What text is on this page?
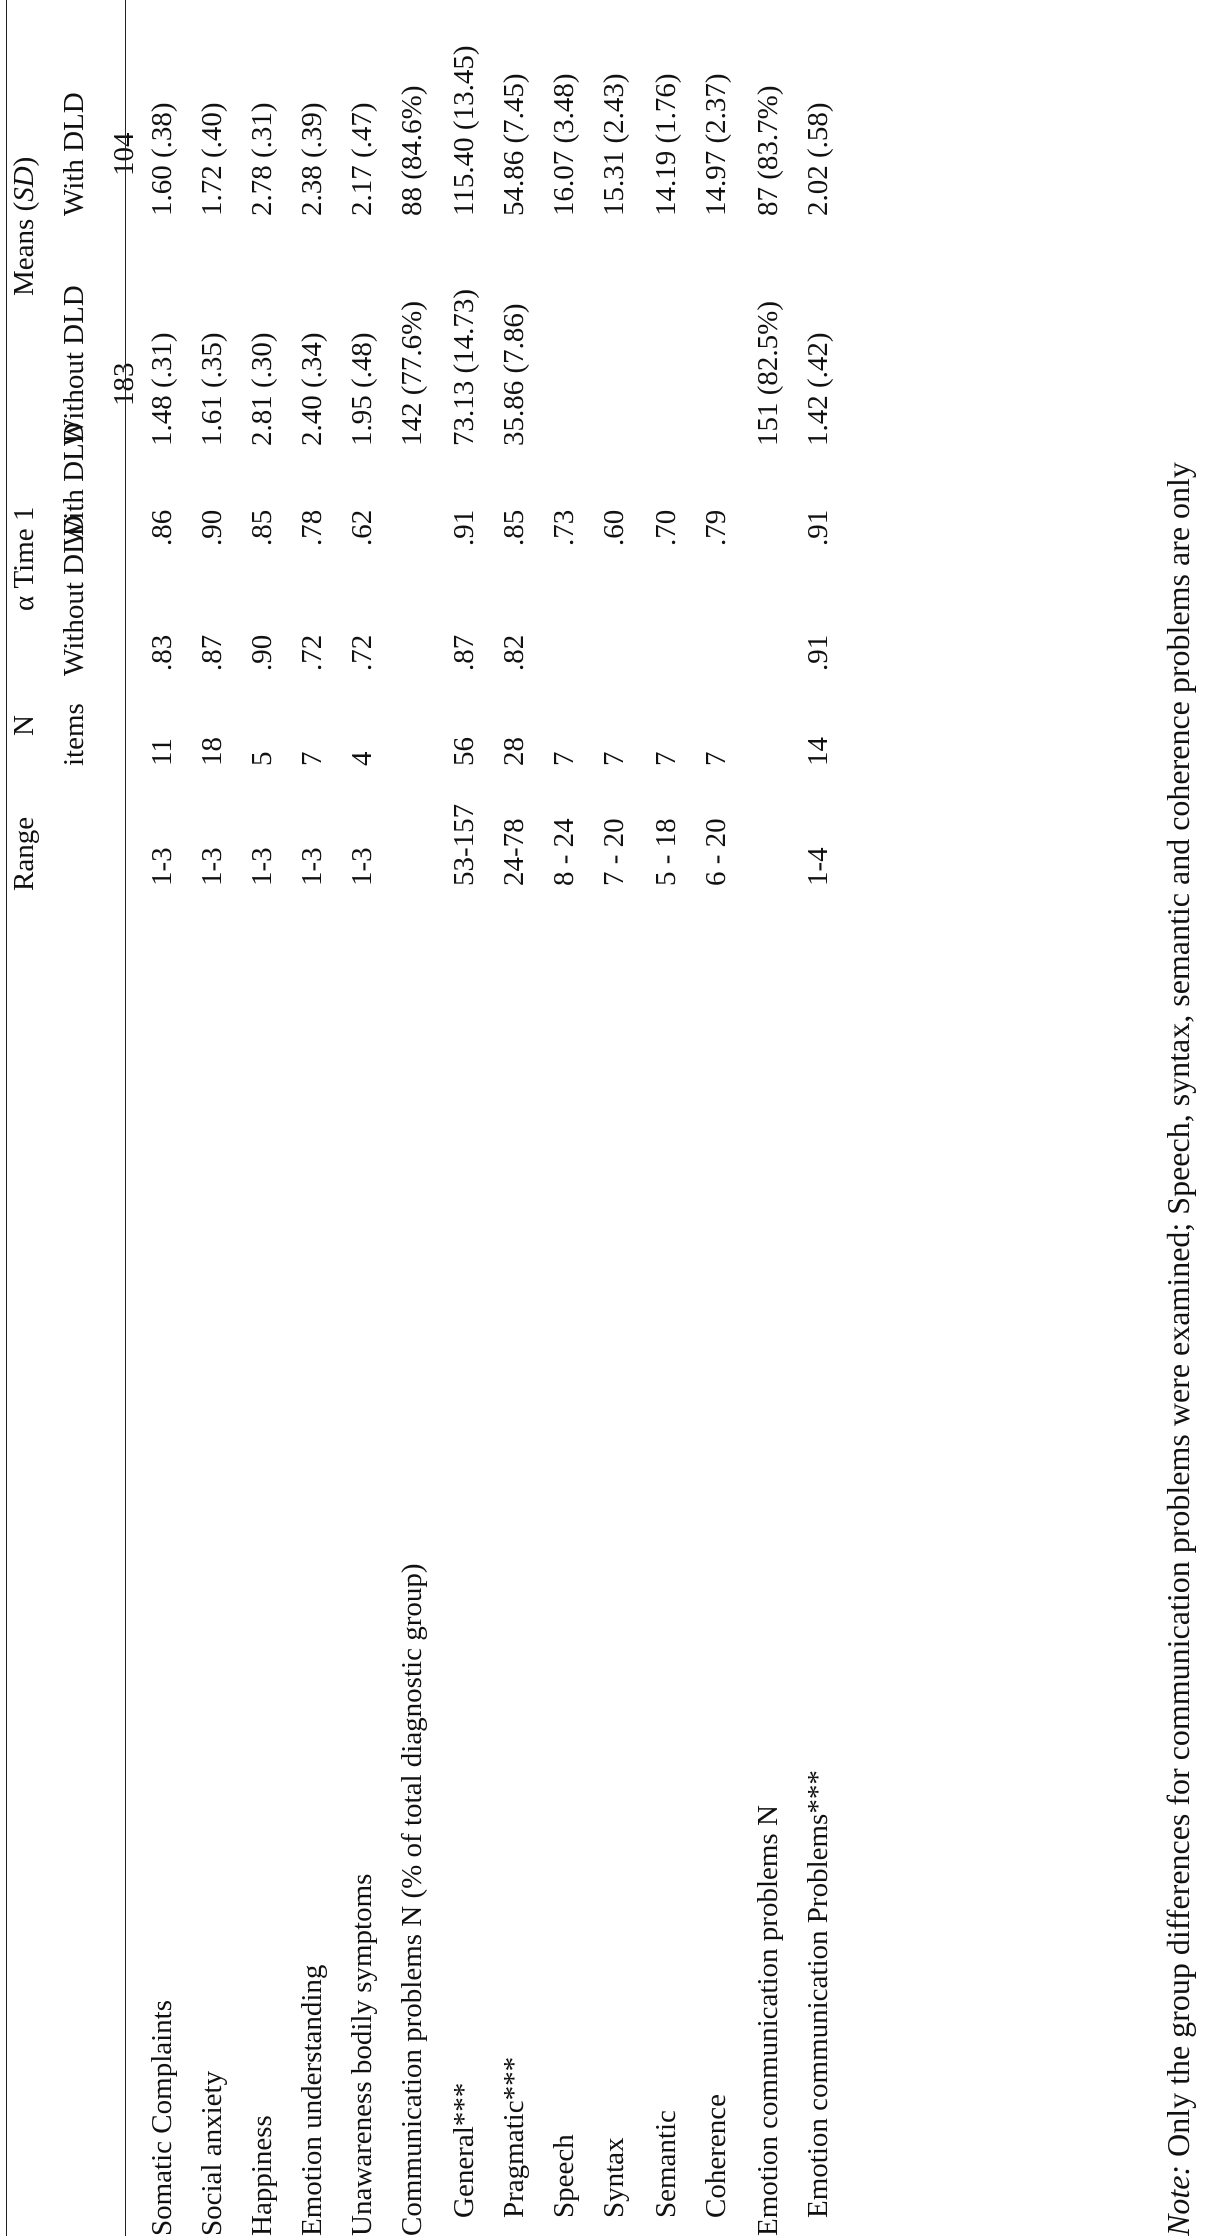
Range
N
α Time 1
Means (SD)
items
Without DLD
With DLD
Without DLD
With DLD
183
104
Somatic Complaints
1-3
11
.83
.86
1.48 (.31)
1.60 (.38)
Social anxiety
1-3
18
.87
.90
1.61 (.35)
1.72 (.40)
Happiness
1-3
5
.90
.85
2.81 (.30)
2.78 (.31)
Emotion understanding
1-3
7
.72
.78
2.40 (.34)
2.38 (.39)
Unawareness bodily symptoms
1-3
4
.72
.62
1.95 (.48)
2.17 (.47)
Communication problems N (% of total diagnostic group)
142 (77.6%)
88 (84.6%)
General***
53-157
56
.87
.91
73.13 (14.73)
115.40 (13.45)
Pragmatic***
24-78
28
.82
.85
35.86 (7.86)
54.86 (7.45)
Speech
8 - 24
7
.73
16.07 (3.48)
Syntax
7 - 20
7
.60
15.31 (2.43)
Semantic
5 - 18
7
.70
14.19 (1.76)
Coherence
6 - 20
7
.79
14.97 (2.37)
Emotion communication problems N
151 (82.5%)
87 (83.7%)
Emotion communication Problems***
1-4
14
.91
.91
1.42 (.42)
2.02 (.58)
Note: Only the group differences for communication problems were examined; Speech, syntax, semantic and coherence problems are only
